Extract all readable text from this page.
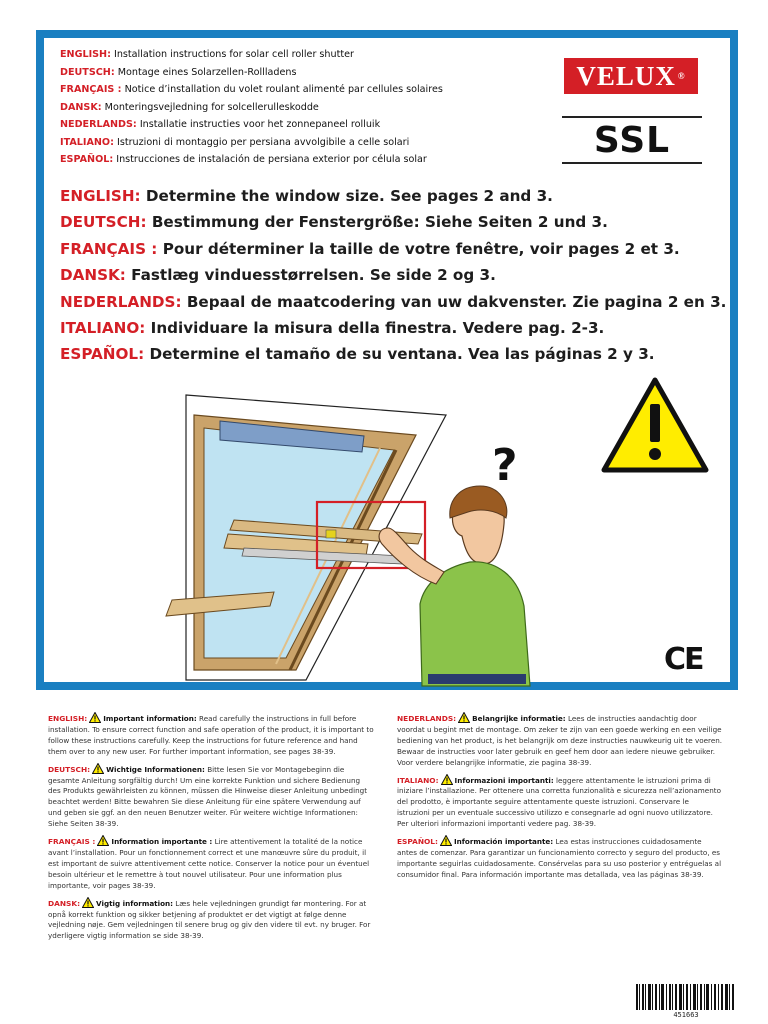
ENGLISH: Installation instructions for solar cell roller shutter
DEUTSCH: Montage eines Solarzellen-Rollladens
FRANÇAIS : Notice d’installation du volet roulant alimenté par cellules solaires
DANSK: Monteringsvejledning for solcellerulleskodde
NEDERLANDS: Installatie instructies voor het zonnepaneel rolluik
ITALIANO: Istruzioni di montaggio per persiana avvolgibile a celle solari
ESPAÑOL: Instrucciones de instalación de persiana exterior por célula solar
VELUX ®
SSL
ENGLISH: Determine the window size. See pages 2 and 3.
DEUTSCH: Bestimmung der Fenstergröße: Siehe Seiten 2 und 3.
FRANÇAIS : Pour déterminer la taille de votre fenêtre, voir pages 2 et 3.
DANSK: Fastlæg vinduesstørrelsen. Se side 2 og 3.
NEDERLANDS: Bepaal de maatcodering van uw dakvenster. Zie pagina 2 en 3.
ITALIANO: Individuare la misura della finestra. Vedere pag. 2-3.
ESPAÑOL: Determine el tamaño de su ventana. Vea las páginas 2 y 3.
?
CE
ENGLISH: Important information: Read carefully the instructions in full before installation. To ensure correct function and safe operation of the product, it is important to follow these instructions carefully. Keep the instructions for future reference and hand them over to any new user. For further important information, see pages 38-39.
DEUTSCH: Wichtige Informationen: Bitte lesen Sie vor Montagebeginn die gesamte Anleitung sorgfältig durch! Um eine korrekte Funktion und sichere Bedienung des Produkts gewährleisten zu können, müssen die Hinweise dieser Anleitung unbedingt beachtet werden! Bitte bewahren Sie diese Anleitung für eine spätere Verwendung auf und geben sie ggf. an den neuen Benutzer weiter. Für weitere wichtige Informationen: Siehe Seiten 38-39.
FRANÇAIS : Information importante : Lire attentivement la totalité de la notice avant l’installation. Pour un fonctionnement correct et une manœuvre sûre du produit, il est important de suivre attentivement cette notice. Conserver la notice pour un éventuel besoin ultérieur et le remettre à tout nouvel utilisateur. Pour une information plus importante, voir pages 38-39.
DANSK: Vigtig information: Læs hele vejledningen grundigt før montering. For at opnå korrekt funktion og sikker betjening af produktet er det vigtigt at følge denne vejledning nøje. Gem vejledningen til senere brug og giv den videre til evt. ny bruger. For yderligere vigtig information se side 38-39.
NEDERLANDS: Belangrijke informatie: Lees de instructies aandachtig door voordat u begint met de montage. Om zeker te zijn van een goede werking en een veilige bediening van het product, is het belangrijk om deze instructies nauwkeurig uit te voeren. Bewaar de instructies voor later gebruik en geef hem door aan iedere nieuwe gebruiker. Voor verdere belangrijke informatie, zie pagina 38-39.
ITALIANO: Informazioni importanti: leggere attentamente le istruzioni prima di iniziare l’installazione. Per ottenere una corretta funzionalità e sicurezza nell’azionamento del prodotto, è importante seguire attentamente queste istruzioni. Conservare le istruzioni per un eventuale successivo utilizzo e consegnarle ad ogni nuovo utilizzatore. Per ulteriori informazioni importanti vedere pag. 38-39.
ESPAÑOL: Información importante: Lea estas instrucciones cuidadosamente antes de comenzar. Para garantizar un funcionamiento correcto y seguro del producto, es importante seguirlas cuidadosamente. Consérvelas para su uso posterior y entréguelas al consumidor final. Para información importante mas detallada, vea las páginas 38-39.
451663
